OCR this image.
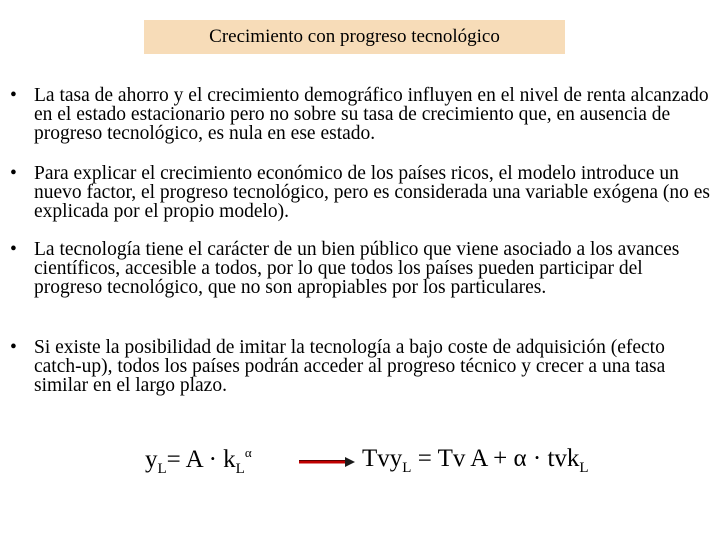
Crecimiento con progreso tecnológico
• La tasa de ahorro y el crecimiento demográfico influyen en el nivel de renta alcanzado en el estado estacionario pero no sobre su tasa de crecimiento que, en ausencia de progreso tecnológico, es nula en ese estado.
• Para explicar el crecimiento económico de los países ricos, el modelo introduce un nuevo factor, el progreso tecnológico, pero es considerada una variable exógena (no es explicada por el propio modelo).
• La tecnología tiene el carácter de un bien público que viene asociado a los avances científicos, accesible a todos, por lo que todos los países pueden participar del progreso tecnológico, que no son apropiables por los particulares.
• Si existe la posibilidad de imitar la tecnología a bajo coste de adquisición (efecto catch-up), todos los países podrán acceder al progreso técnico y crecer a una tasa similar en el largo plazo.
$y_L= A \cdot k_L^\alpha$	Tvy$_L$ = Tv A + α · tvk$_L$
